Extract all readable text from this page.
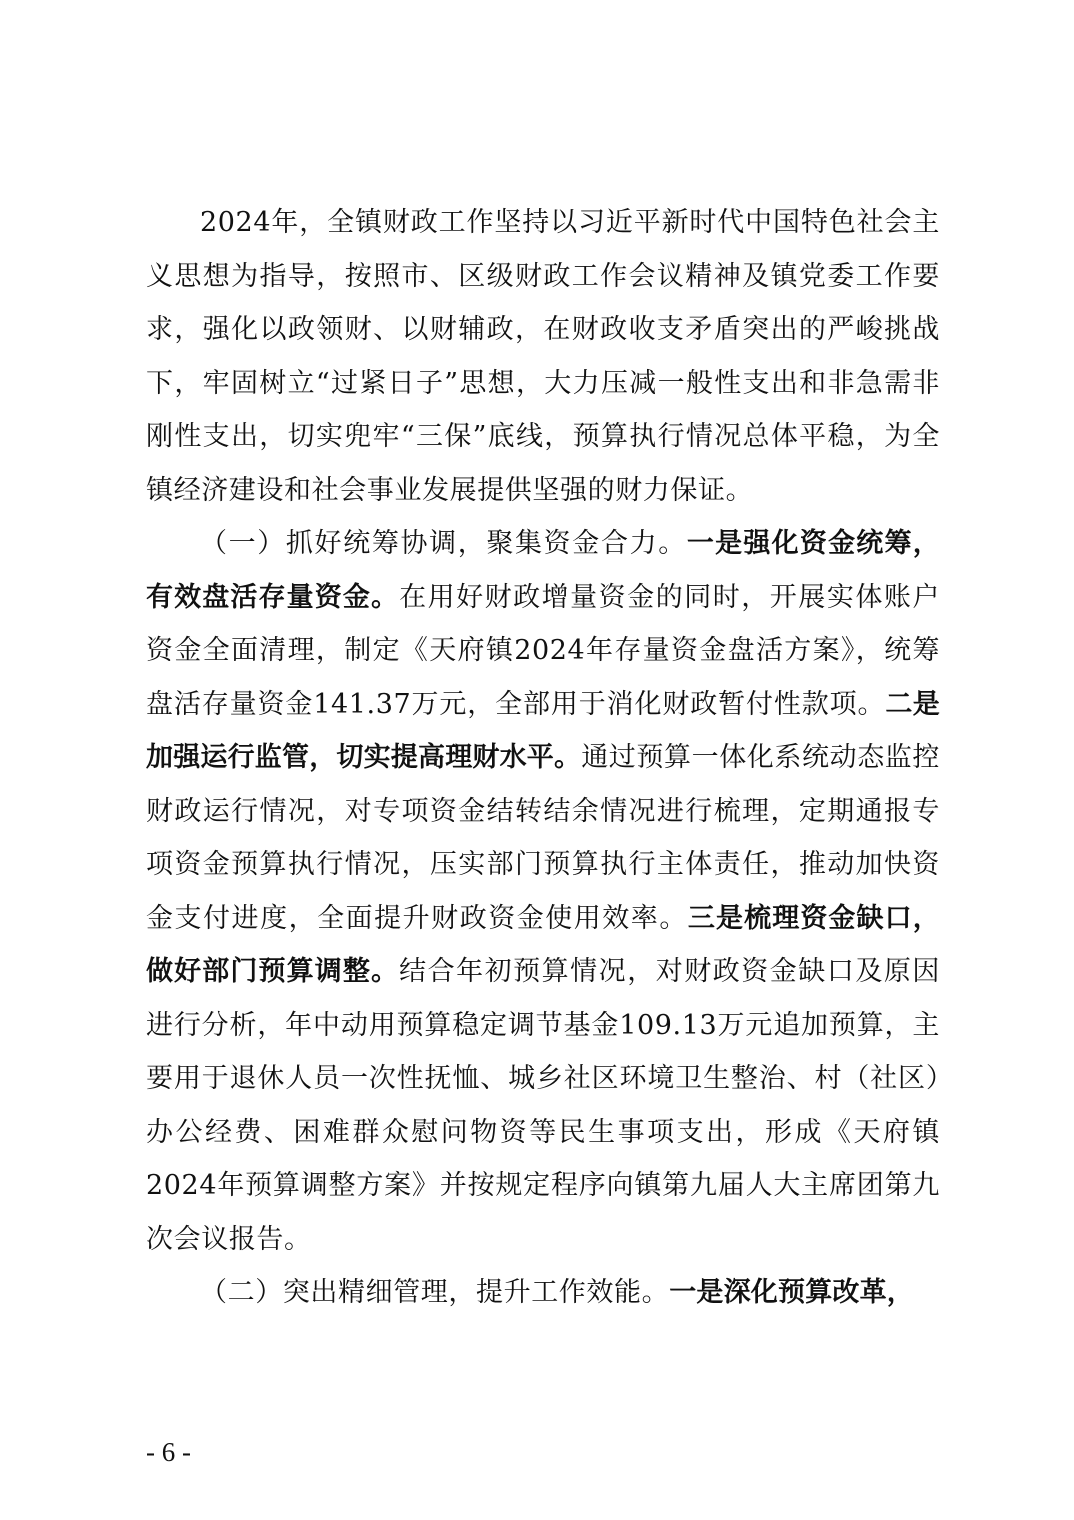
2024年，全镇财政工作坚持以习近平新时代中国特色社会主义思想为指导，按照市、区级财政工作会议精神及镇党委工作要求，强化以政领财、以财辅政，在财政收支矛盾突出的严峻挑战下，牢固树立“过紧日子”思想，大力压减一般性支出和非急需非刚性支出，切实兜牢“三保”底线，预算执行情况总体平稳，为全镇经济建设和社会事业发展提供坚强的财力保证。

（一）抓好统筹协调，聚集资金合力。一是强化资金统筹，有效盘活存量资金。在用好财政增量资金的同时，开展实体账户资金全面清理，制定《天府镇2024年存量资金盘活方案》，统筹盘活存量资金141.37万元，全部用于消化财政暂付性款项。二是加强运行监管，切实提高理财水平。通过预算一体化系统动态监控财政运行情况，对专项资金结转结余情况进行梳理，定期通报专项资金预算执行情况，压实部门预算执行主体责任，推动加快资金支付进度，全面提升财政资金使用效率。三是梳理资金缺口，做好部门预算调整。结合年初预算情况，对财政资金缺口及原因进行分析，年中动用预算稳定调节基金109.13万元追加预算，主要用于退休人员一次性抚恤、城乡社区环境卫生整治、村（社区）办公经费、困难群众慰问物资等民生事项支出，形成《天府镇2024年预算调整方案》并按规定程序向镇第九届人大主席团第九次会议报告。

（二）突出精细管理，提升工作效能。一是深化预算改革，

- 6 -
